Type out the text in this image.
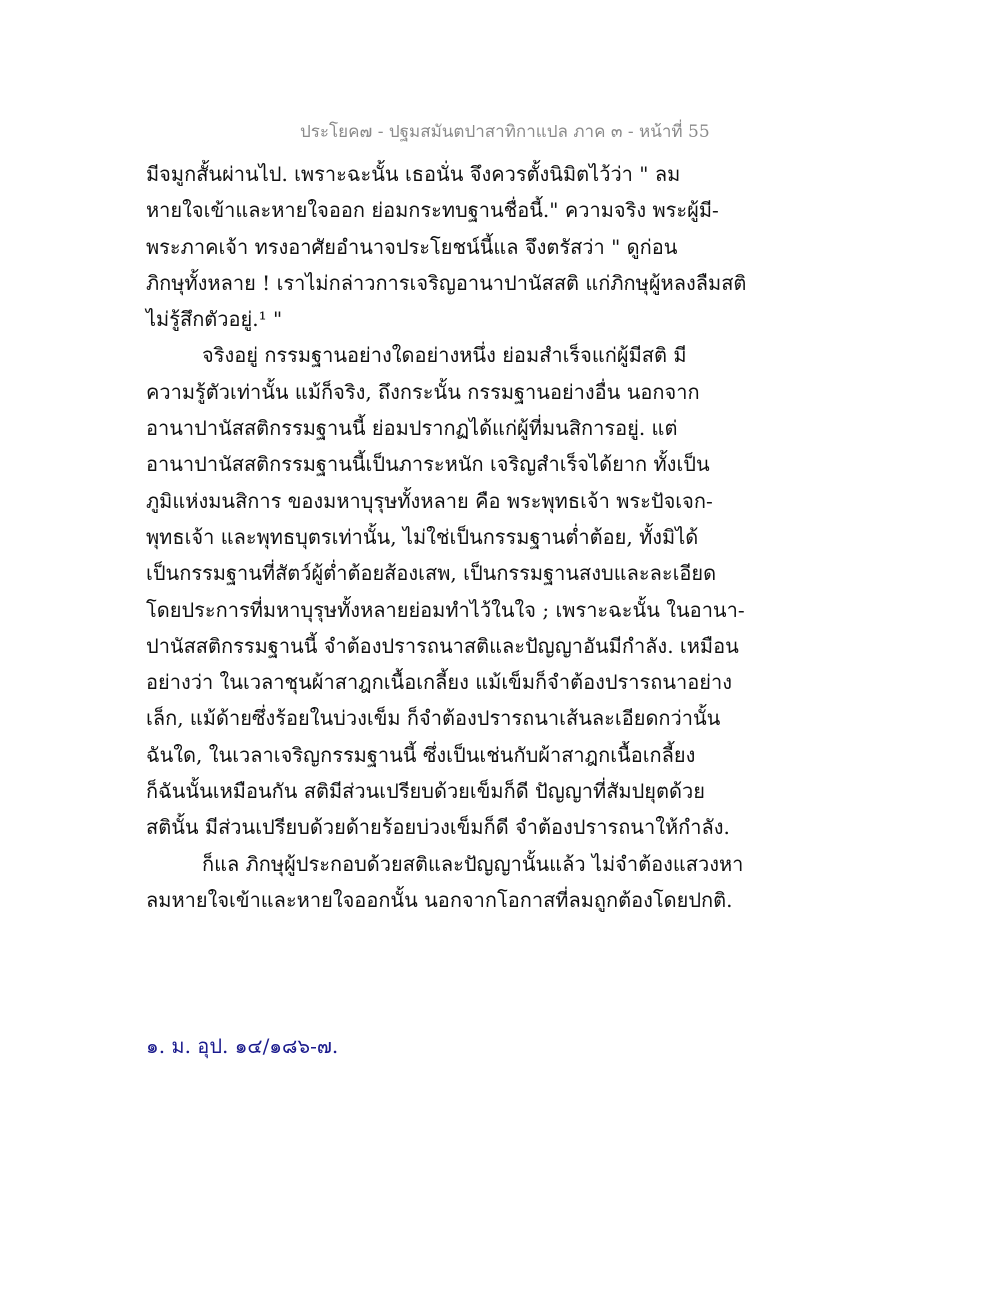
ประโยค๗ - ปฐมสมันตปาสาทิกาแปล ภาค ๓ - หน้าที่ 55
มีจมูกสั้นผ่านไป. เพราะฉะนั้น เธอนั่น จึงควรตั้งนิมิตไว้ว่า " ลม
หายใจเข้าและหายใจออก ย่อมกระทบฐานชื่อนี้." ความจริง พระผู้มี-
พระภาคเจ้า ทรงอาศัยอำนาจประโยชน์นี้แล จึงตรัสว่า " ดูก่อน
ภิกษุทั้งหลาย ! เราไม่กล่าวการเจริญอานาปานัสสติ แก่ภิกษุผู้หลงลืมสติ
ไม่รู้สึกตัวอยู่.¹ "
จริงอยู่ กรรมฐานอย่างใดอย่างหนึ่ง ย่อมสำเร็จแก่ผู้มีสติ มี
ความรู้ตัวเท่านั้น แม้ก็จริง, ถึงกระนั้น กรรมฐานอย่างอื่น นอกจาก
อานาปานัสสติกรรมฐานนี้ ย่อมปรากฏได้แก่ผู้ที่มนสิการอยู่. แต่
อานาปานัสสติกรรมฐานนี้เป็นภาระหนัก เจริญสำเร็จได้ยาก ทั้งเป็น
ภูมิแห่งมนสิการ ของมหาบุรุษทั้งหลาย คือ พระพุทธเจ้า พระปัจเจก-
พุทธเจ้า และพุทธบุตรเท่านั้น, ไม่ใช่เป็นกรรมฐานต่ำต้อย, ทั้งมิได้
เป็นกรรมฐานที่สัตว์ผู้ต่ำต้อยส้องเสพ, เป็นกรรมฐานสงบและละเอียด
โดยประการที่มหาบุรุษทั้งหลายย่อมทำไว้ในใจ ; เพราะฉะนั้น ในอานา-
ปานัสสติกรรมฐานนี้ จำต้องปรารถนาสติและปัญญาอันมีกำลัง. เหมือน
อย่างว่า ในเวลาชุนผ้าสาฎกเนื้อเกลี้ยง แม้เข็มก็จำต้องปรารถนาอย่าง
เล็ก, แม้ด้ายซึ่งร้อยในบ่วงเข็ม ก็จำต้องปรารถนาเส้นละเอียดกว่านั้น
ฉันใด, ในเวลาเจริญกรรมฐานนี้ ซึ่งเป็นเช่นกับผ้าสาฎกเนื้อเกลี้ยง
ก็ฉันนั้นเหมือนกัน สติมีส่วนเปรียบด้วยเข็มก็ดี ปัญญาที่สัมปยุตด้วย
สตินั้น มีส่วนเปรียบด้วยด้ายร้อยบ่วงเข็มก็ดี จำต้องปรารถนาให้กำลัง.
ก็แล ภิกษุผู้ประกอบด้วยสติและปัญญานั้นแล้ว ไม่จำต้องแสวงหา
ลมหายใจเข้าและหายใจออกนั้น นอกจากโอกาสที่ลมถูกต้องโดยปกติ.
๑. ม. อุป. ๑๔/๑๘๖-๗.
